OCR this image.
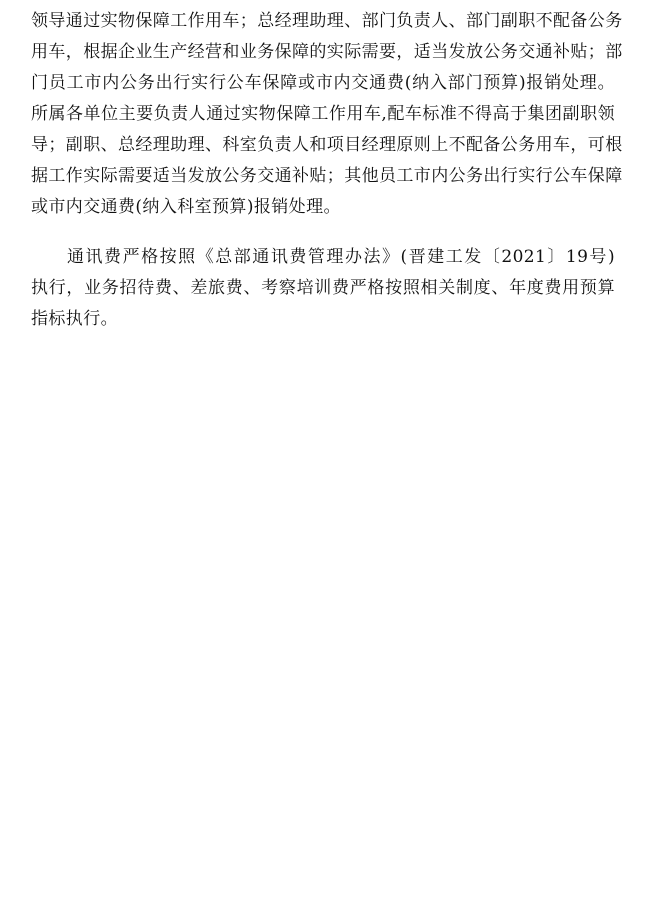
领导通过实物保障工作用车；总经理助理、部门负责人、部门副职不配备公务
用车，根据企业生产经营和业务保障的实际需要，适当发放公务交通补贴；部
门员工市内公务出行实行公车保障或市内交通费(纳入部门预算)报销处理。
所属各单位主要负责人通过实物保障工作用车,配车标准不得高于集团副职领
导；副职、总经理助理、科室负责人和项目经理原则上不配备公务用车，可根
据工作实际需要适当发放公务交通补贴；其他员工市内公务出行实行公车保障
或市内交通费(纳入科室预算)报销处理。
通讯费严格按照《总部通讯费管理办法》(晋建工发〔2021〕19号)
执行，业务招待费、差旅费、考察培训费严格按照相关制度、年度费用预算
指标执行。
